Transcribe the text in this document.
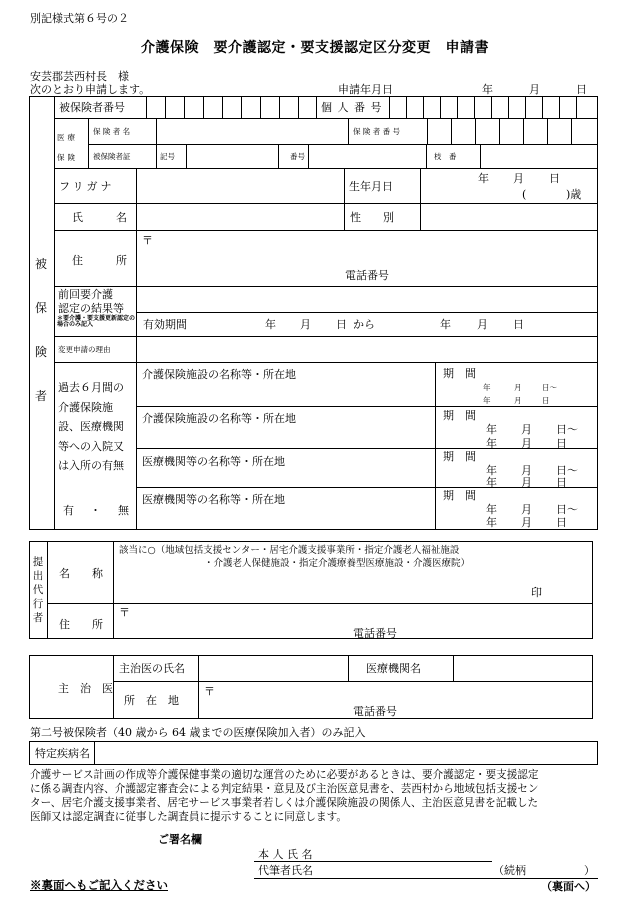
別記様式第６号の２
介護保険　要介護認定・要支援認定区分変更　申請書
安芸郡芸西村長　様
次のとおり申請します。	申請年月日	年	月	日
被保険者
被保険者番号	個 人 番 号
医療保険
保 険 者 名	保 険 者 番 号
被保険者証	記号	番号	枝　番
フリガナ	生年月日
年 月 日
(	)歳
氏　　　名	性　　別
住　　　所
〒
電話番号
前回要介護
認定の結果等
＊要介護・要支援更新認定の場合のみ記入	有効期間	年 月 日 から	年 月 日
変更申請の理由
過去６月間の
介護保険施
設、医療機関
等への入院又
は入所の有無
有 ・ 無
介護保険施設の名称等・所在地	期　間
年	月	日～
年	月	日
介護保険施設の名称等・所在地	期　間
年 月 日～
年 月 日
医療機関等の名称等・所在地	期　間
年 月 日～
年 月 日
医療機関等の名称等・所在地	期　間
年 月 日～
年 月 日
提出代行者
名　　称
該当に○（地域包括支援センター・居宅介護支援事業所・指定介護老人福祉施設
・介護老人保健施設・指定介護療養型医療施設・介護医療院）
印
住　　所
〒
電話番号
主　治　医
主治医の氏名	医療機関名
所　在　地
〒
電話番号
第二号被保険者（40 歳から 64 歳までの医療保険加入者）のみ記入
特定疾病名
介護サービス計画の作成等介護保健事業の適切な運営のために必要があるときは、要介護認定・要支援認定
に係る調査内容、介護認定審査会による判定結果・意見及び主治医意見書を、芸西村から地域包括支援セン
ター、居宅介護支援事業者、居宅サービス事業者若しくは介護保険施設の関係人、主治医意見書を記載した
医師又は認定調査に従事した調査員に提示することに同意します。
ご署名欄
本 人 氏 名
代筆者氏名	（続柄	）
※裏面へもご記入ください	（裏面へ）
